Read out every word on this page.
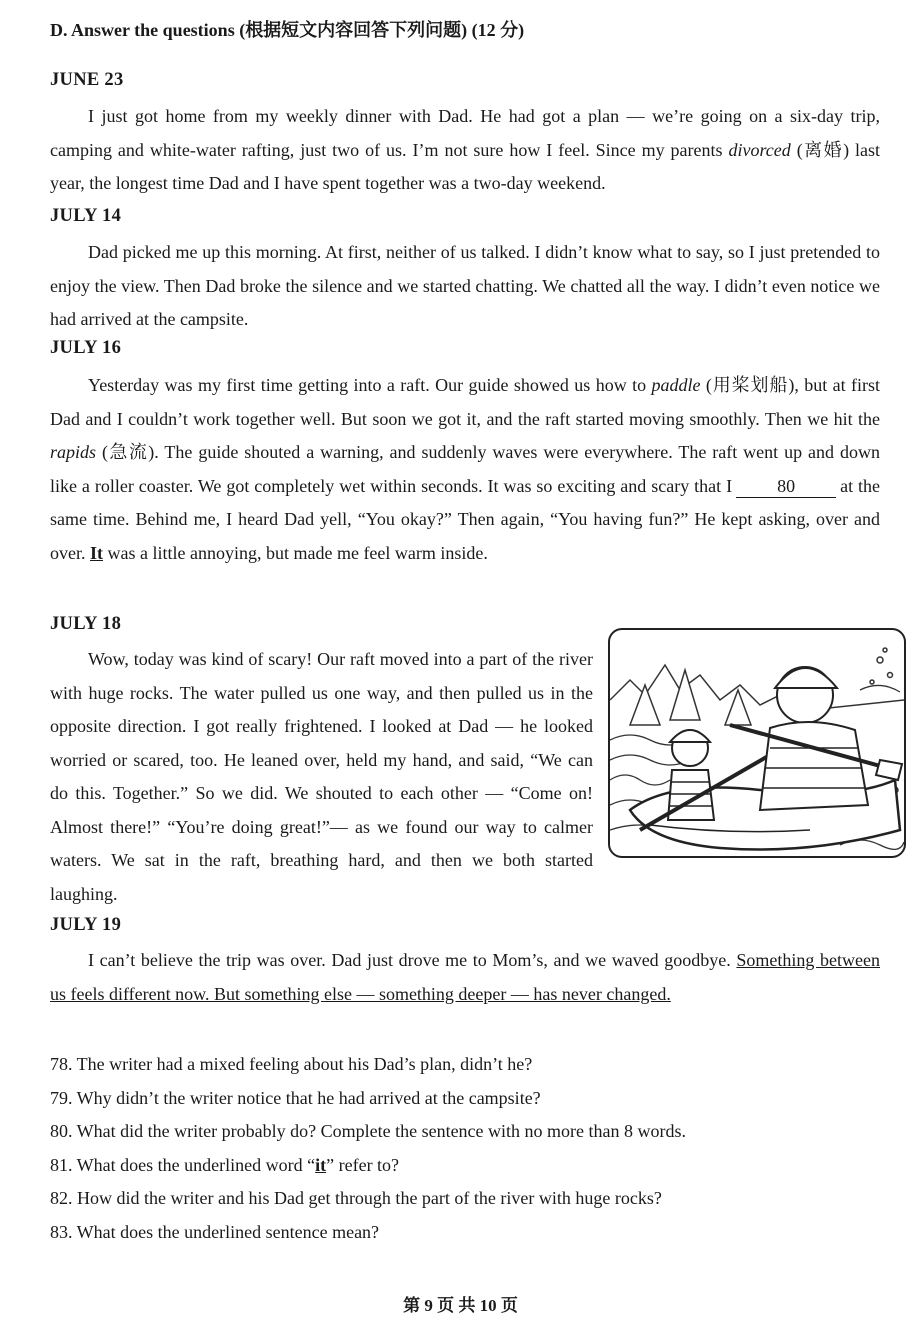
D. Answer the questions (根据短文内容回答下列问题) (12 分)
JUNE 23
I just got home from my weekly dinner with Dad. He had got a plan — we’re going on a six-day trip, camping and white-water rafting, just two of us. I’m not sure how I feel. Since my parents divorced (离婚) last year, the longest time Dad and I have spent together was a two-day weekend.
JULY 14
Dad picked me up this morning. At first, neither of us talked. I didn’t know what to say, so I just pretended to enjoy the view. Then Dad broke the silence and we started chatting. We chatted all the way. I didn’t even notice we had arrived at the campsite.
JULY 16
Yesterday was my first time getting into a raft. Our guide showed us how to paddle (用桨划船), but at first Dad and I couldn’t work together well. But soon we got it, and the raft started moving smoothly. Then we hit the rapids (急流). The guide shouted a warning, and suddenly waves were everywhere. The raft went up and down like a roller coaster. We got completely wet within seconds. It was so exciting and scary that I	80	at the same time. Behind me, I heard Dad yell, “You okay?” Then again, “You having fun?” He kept asking, over and over. It was a little annoying, but made me feel warm inside.
JULY 18
Wow, today was kind of scary! Our raft moved into a part of the river with huge rocks. The water pulled us one way, and then pulled us in the opposite direction. I got really frightened. I looked at Dad — he looked worried or scared, too. He leaned over, held my hand, and said, “We can do this. Together.” So we did. We shouted to each other — “Come on! Almost there!” “You’re doing great!”— as we found our way to calmer waters. We sat in the raft, breathing hard, and then we both started laughing.
JULY 19
I can’t believe the trip was over. Dad just drove me to Mom’s, and we waved goodbye. Something between us feels different now. But something else — something deeper — has never changed.
78. The writer had a mixed feeling about his Dad’s plan, didn’t he?
79. Why didn’t the writer notice that he had arrived at the campsite?
80. What did the writer probably do? Complete the sentence with no more than 8 words.
81. What does the underlined word “it” refer to?
82. How did the writer and his Dad get through the part of the river with huge rocks?
83. What does the underlined sentence mean?
第 9 页 共 10 页
